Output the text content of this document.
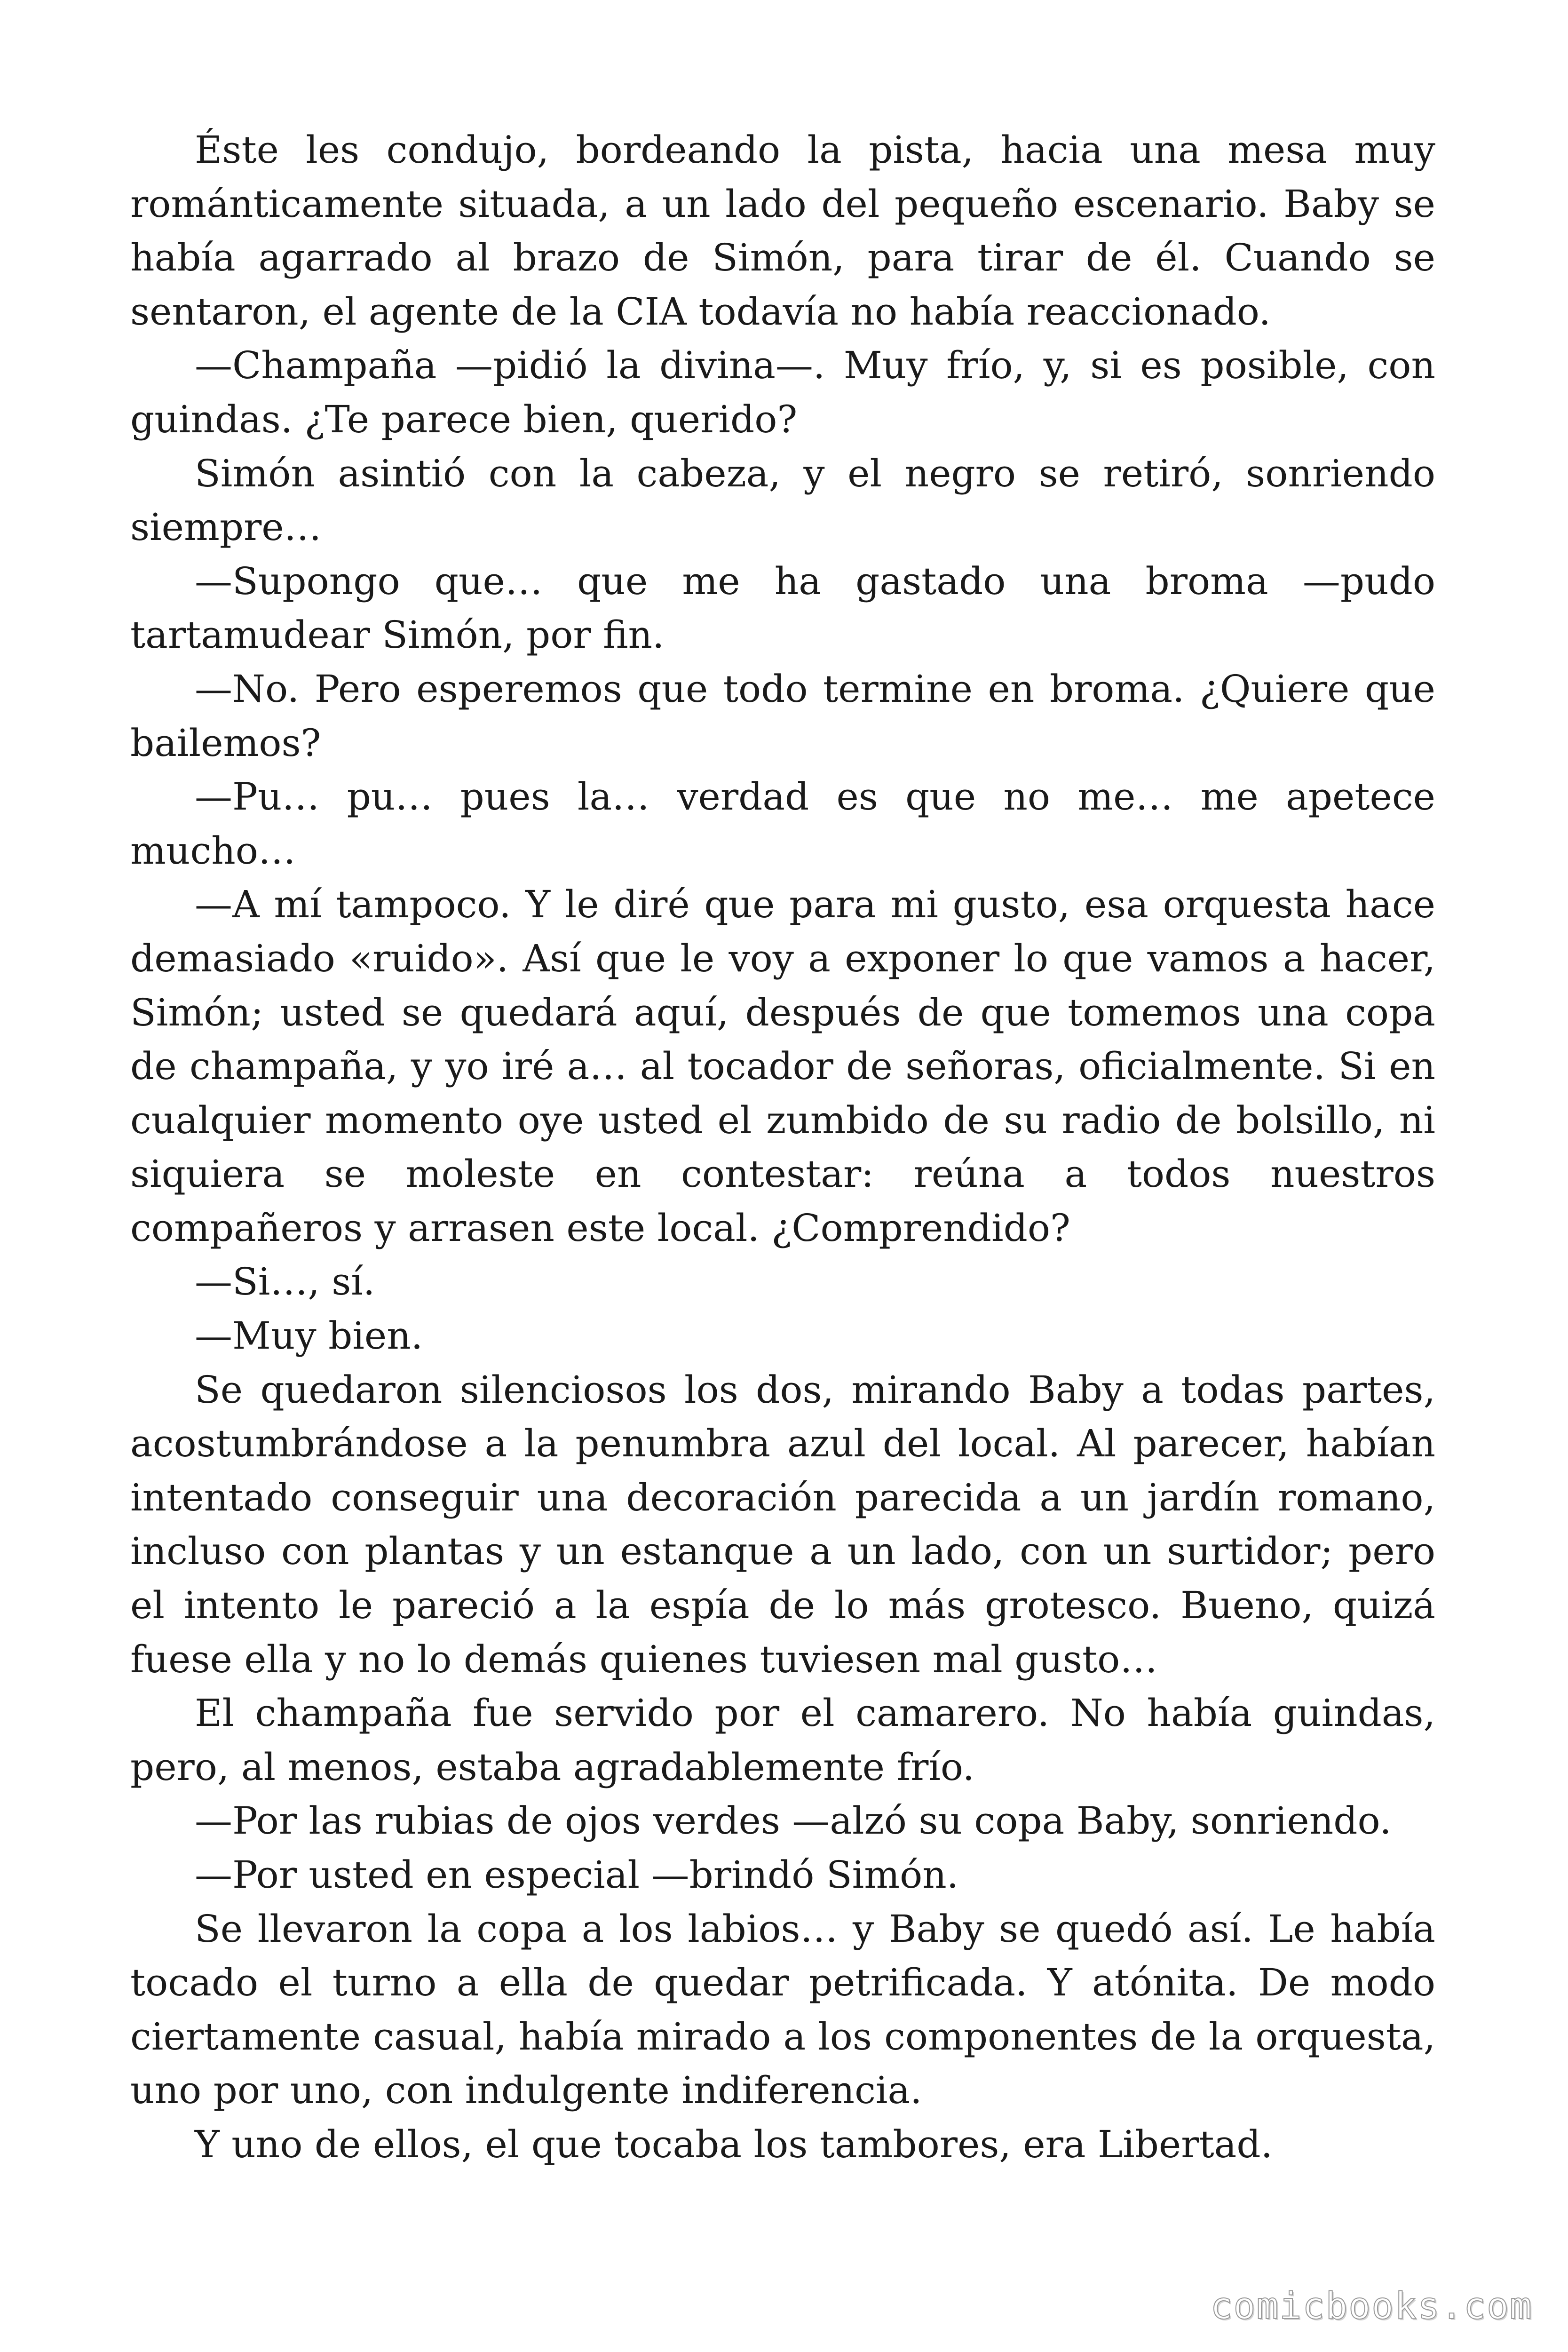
Éste les condujo, bordeando la pista, hacia una mesa muy románticamente situada, a un lado del pequeño escenario. Baby se había agarrado al brazo de Simón, para tirar de él. Cuando se sentaron, el agente de la CIA todavía no había reaccionado.

—Champaña —pidió la divina—. Muy frío, y, si es posible, con guindas. ¿Te parece bien, querido?

Simón asintió con la cabeza, y el negro se retiró, sonriendo siempre…

—Supongo que… que me ha gastado una broma —pudo tartamudear Simón, por fin.

—No. Pero esperemos que todo termine en broma. ¿Quiere que bailemos?

—Pu… pu… pues la… verdad es que no me… me apetece mucho…

—A mí tampoco. Y le diré que para mi gusto, esa orquesta hace demasiado «ruido». Así que le voy a exponer lo que vamos a hacer, Simón; usted se quedará aquí, después de que tomemos una copa de champaña, y yo iré a… al tocador de señoras, oficialmente. Si en cualquier momento oye usted el zumbido de su radio de bolsillo, ni siquiera se moleste en contestar: reúna a todos nuestros compañeros y arrasen este local. ¿Comprendido?

—Si…, sí.

—Muy bien.

Se quedaron silenciosos los dos, mirando Baby a todas partes, acostumbrándose a la penumbra azul del local. Al parecer, habían intentado conseguir una decoración parecida a un jardín romano, incluso con plantas y un estanque a un lado, con un surtidor; pero el intento le pareció a la espía de lo más grotesco. Bueno, quizá fuese ella y no lo demás quienes tuviesen mal gusto…

El champaña fue servido por el camarero. No había guindas, pero, al menos, estaba agradablemente frío.

—Por las rubias de ojos verdes —alzó su copa Baby, sonriendo.

—Por usted en especial —brindó Simón.

Se llevaron la copa a los labios… y Baby se quedó así. Le había tocado el turno a ella de quedar petrificada. Y atónita. De modo ciertamente casual, había mirado a los componentes de la orquesta, uno por uno, con indulgente indiferencia.

Y uno de ellos, el que tocaba los tambores, era Libertad.

comicbooks.com
